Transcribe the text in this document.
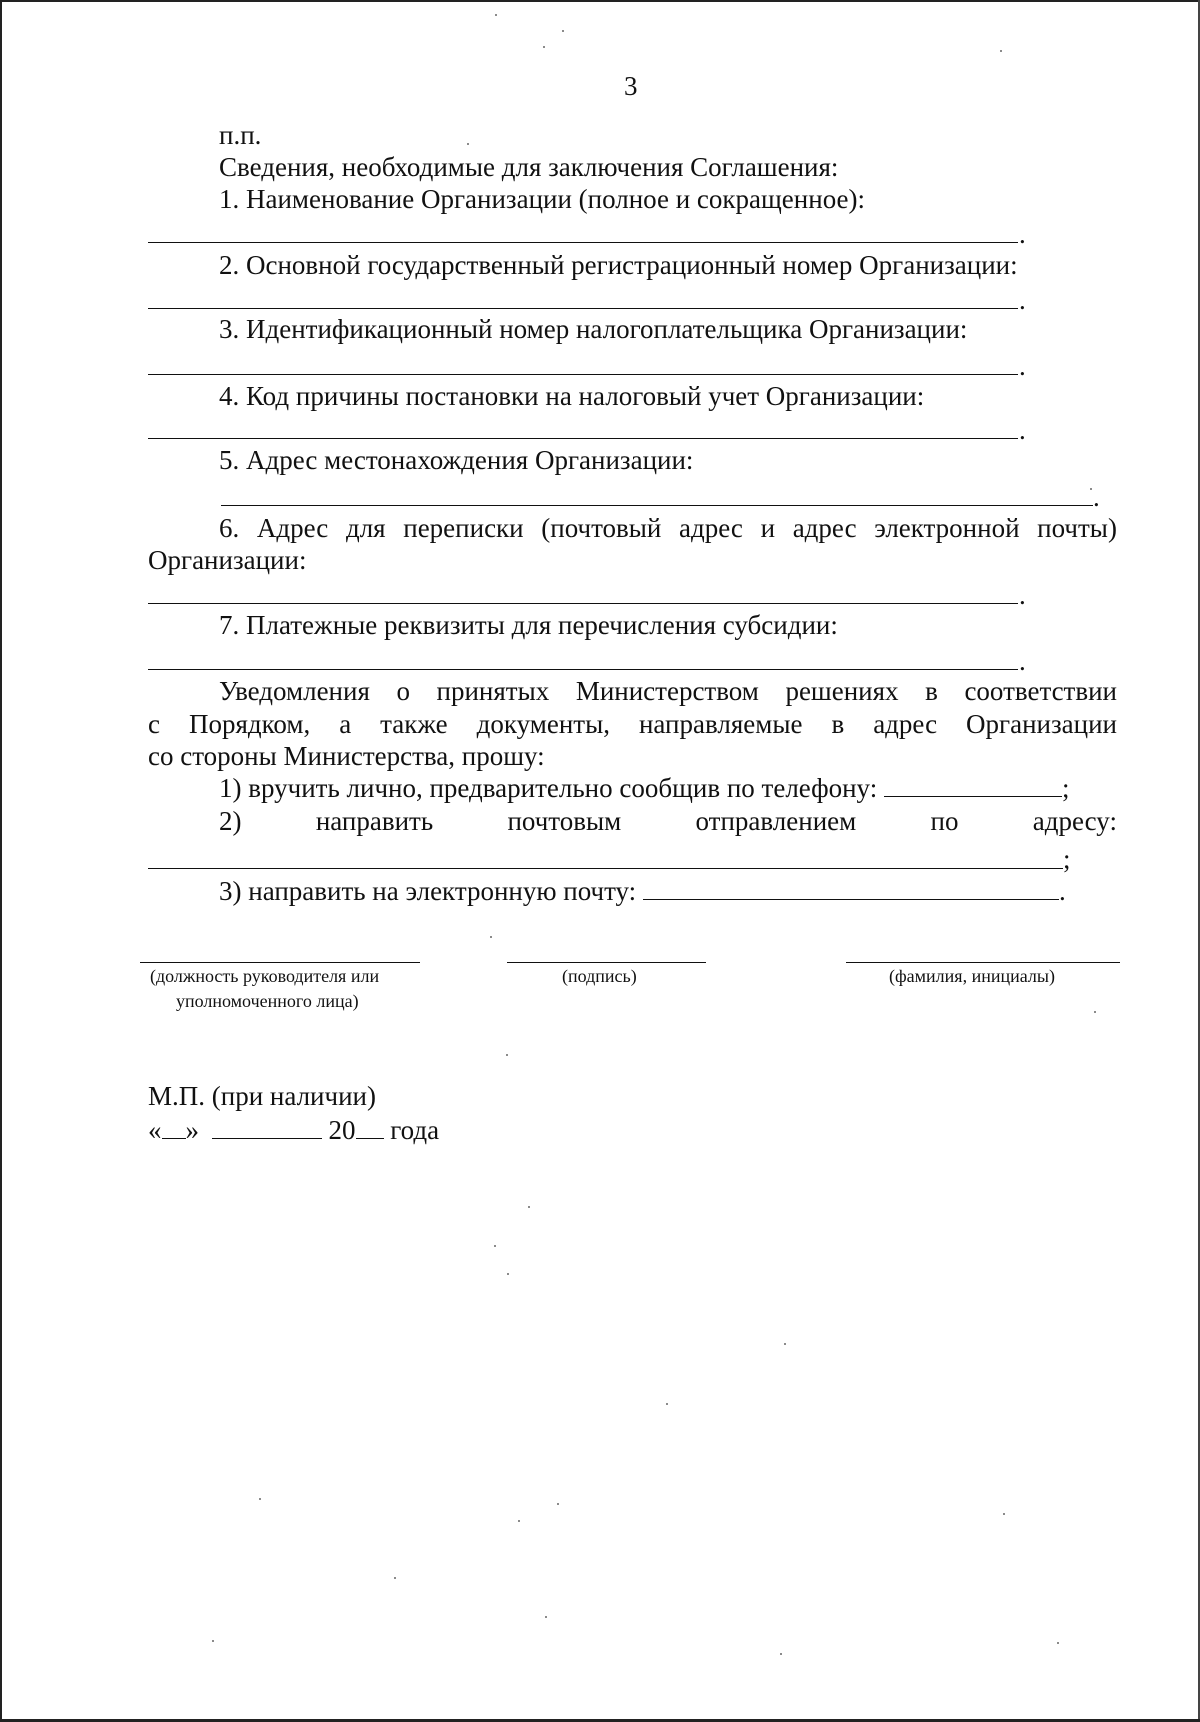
3
п.п.
Сведения, необходимые для заключения Соглашения:
1. Наименование Организации (полное и сокращенное):
.
2. Основной государственный регистрационный номер Организации:
.
3. Идентификационный номер налогоплательщика Организации:
.
4. Код причины постановки на налоговый учет Организации:
.
5. Адрес местонахождения Организации:
.
6. Адрес для переписки (почтовый адрес и адрес электронной почты)
Организации:
.
7. Платежные реквизиты для перечисления субсидии:
.
Уведомления о принятых Министерством решениях в соответствии
с Порядком, а также документы, направляемые в адрес Организации
со стороны Министерства, прошу:
1) вручить лично, предварительно сообщив по телефону:	;
2)	направить	почтовым	отправлением	по	адресу:
;
3) направить на электронную почту:	.
(должность руководителя или
уполномоченного лица)
(подпись)	(фамилия, инициалы)
М.П. (при наличии)
« »	20 года
